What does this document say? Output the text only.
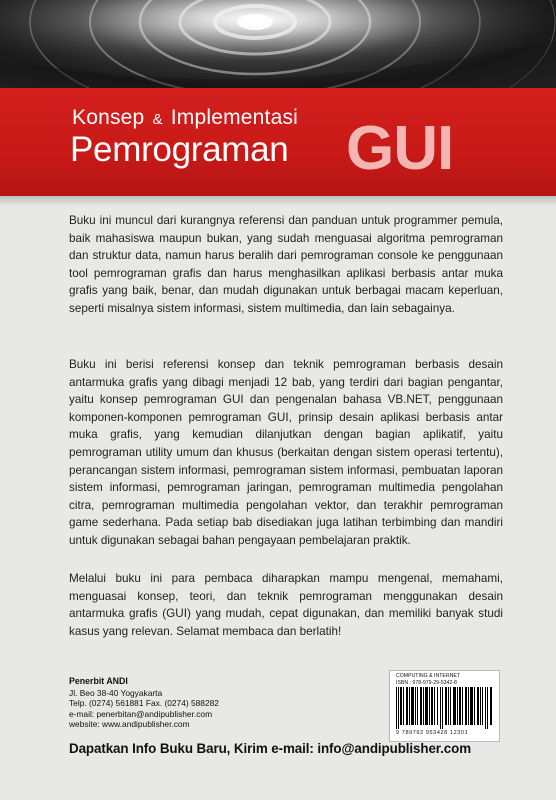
Konsep & Implementasi
Pemrograman GUI

Buku ini muncul dari kurangnya referensi dan panduan untuk programmer pemula, baik mahasiswa maupun bukan, yang sudah menguasai algoritma pemrograman dan struktur data, namun harus beralih dari pemrograman console ke penggunaan tool pemrograman grafis dan harus menghasilkan aplikasi berbasis antar muka grafis yang baik, benar, dan mudah digunakan untuk berbagai macam keperluan, seperti misalnya sistem informasi, sistem multimedia, dan lain sebagainya.

Buku ini berisi referensi konsep dan teknik pemrograman berbasis desain antarmuka grafis yang dibagi menjadi 12 bab, yang terdiri dari bagian pengantar, yaitu konsep pemrograman GUI dan pengenalan bahasa VB.NET, penggunaan komponen-komponen pemrograman GUI, prinsip desain aplikasi berbasis antar muka grafis, yang kemudian dilanjutkan dengan bagian aplikatif, yaitu pemrograman utility umum dan khusus (berkaitan dengan sistem operasi tertentu), perancangan sistem informasi, pemrograman sistem informasi, pembuatan laporan sistem informasi, pemrograman jaringan, pemrograman multimedia pengolahan citra, pemrograman multimedia pengolahan vektor, dan terakhir pemrograman game sederhana. Pada setiap bab disediakan juga latihan terbimbing dan mandiri untuk digunakan sebagai bahan pengayaan pembelajaran praktik.

Melalui buku ini para pembaca diharapkan mampu mengenal, memahami, menguasai konsep, teori, dan teknik pemrograman menggunakan desain antarmuka grafis (GUI) yang mudah, cepat digunakan, dan memiliki banyak studi kasus yang relevan. Selamat membaca dan berlatih!

Penerbit ANDI
Jl. Beo 38-40 Yogyakarta
Telp. (0274) 561881 Fax. (0274) 588282
e-mail: penerbitan@andipublisher.com
website: www.andipublisher.com
COMPUTING & INTERNET
ISBN : 978-979-29-5342-8
9 789792 953428 12301
Dapatkan Info Buku Baru, Kirim e-mail: info@andipublisher.com
